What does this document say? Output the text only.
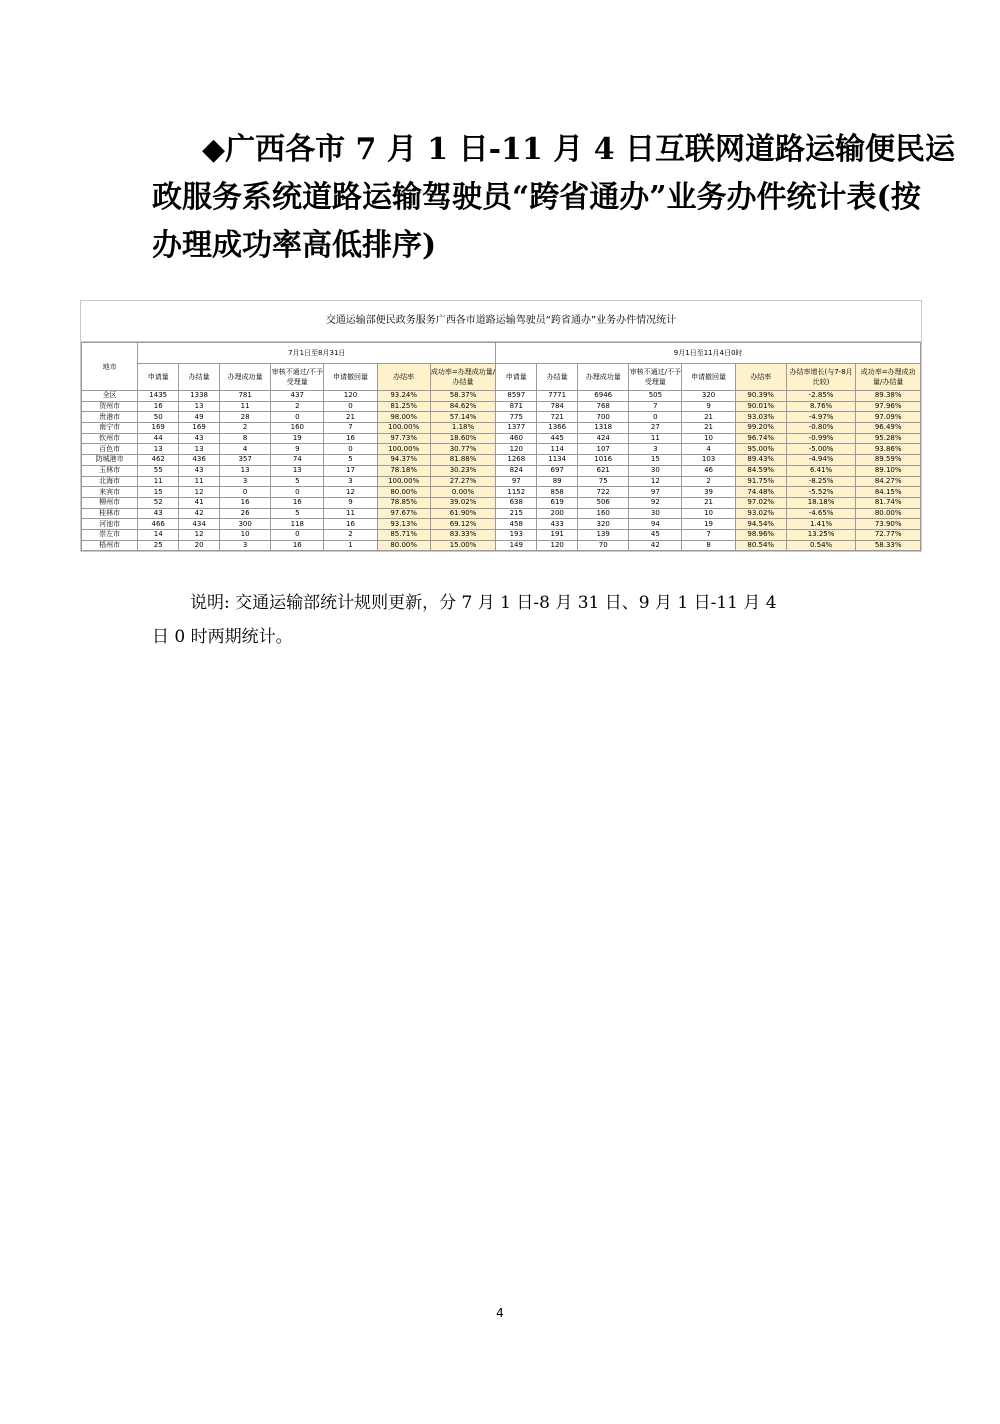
◆广西各市 7 月 1 日-11 月 4 日互联网道路运输便民运
政服务系统道路运输驾驶员“跨省通办”业务办件统计表(按
办理成功率高低排序)
交通运输部便民政务服务广西各市道路运输驾驶员“跨省通办”业务办件情况统计
地市	7月1日至8月31日							9月1日至11月4日0时							
	申请量	办结量	办理成功量	审核不通过/不予受理量	申请撤回量	办结率	成功率=办理成功量/办结量	申请量	办结量	办理成功量	审核不通过/不予受理量	申请撤回量	办结率	办结率增长(与7-8月比较)	成功率=办理成功量/办结量
全区	1435	1338	781	437	120	93.24%	58.37%	8597	7771	6946	505	320	90.39%	-2.85%	89.38%
贺州市	16	13	11	2	0	81.25%	84.62%	871	784	768	7	9	90.01%	8.76%	97.96%
贵港市	50	49	28	0	21	98.00%	57.14%	775	721	700	0	21	93.03%	-4.97%	97.09%
南宁市	169	169	2	160	7	100.00%	1.18%	1377	1366	1318	27	21	99.20%	-0.80%	96.49%
钦州市	44	43	8	19	16	97.73%	18.60%	460	445	424	11	10	96.74%	-0.99%	95.28%
百色市	13	13	4	9	0	100.00%	30.77%	120	114	107	3	4	95.00%	-5.00%	93.86%
防城港市	462	436	357	74	5	94.37%	81.88%	1268	1134	1016	15	103	89.43%	-4.94%	89.59%
玉林市	55	43	13	13	17	78.18%	30.23%	824	697	621	30	46	84.59%	6.41%	89.10%
北海市	11	11	3	5	3	100.00%	27.27%	97	89	75	12	2	91.75%	-8.25%	84.27%
来宾市	15	12	0	0	12	80.00%	0.00%	1152	858	722	97	39	74.48%	-5.52%	84.15%
柳州市	52	41	16	16	9	78.85%	39.02%	638	619	506	92	21	97.02%	18.18%	81.74%
桂林市	43	42	26	5	11	97.67%	61.90%	215	200	160	30	10	93.02%	-4.65%	80.00%
河池市	466	434	300	118	16	93.13%	69.12%	458	433	320	94	19	94.54%	1.41%	73.90%
崇左市	14	12	10	0	2	85.71%	83.33%	193	191	139	45	7	98.96%	13.25%	72.77%
梧州市	25	20	3	16	1	80.00%	15.00%	149	120	70	42	8	80.54%	0.54%	58.33%

说明: 交通运输部统计规则更新，分 7 月 1 日-8 月 31 日、9 月 1 日-11 月 4
日 0 时两期统计。

4
